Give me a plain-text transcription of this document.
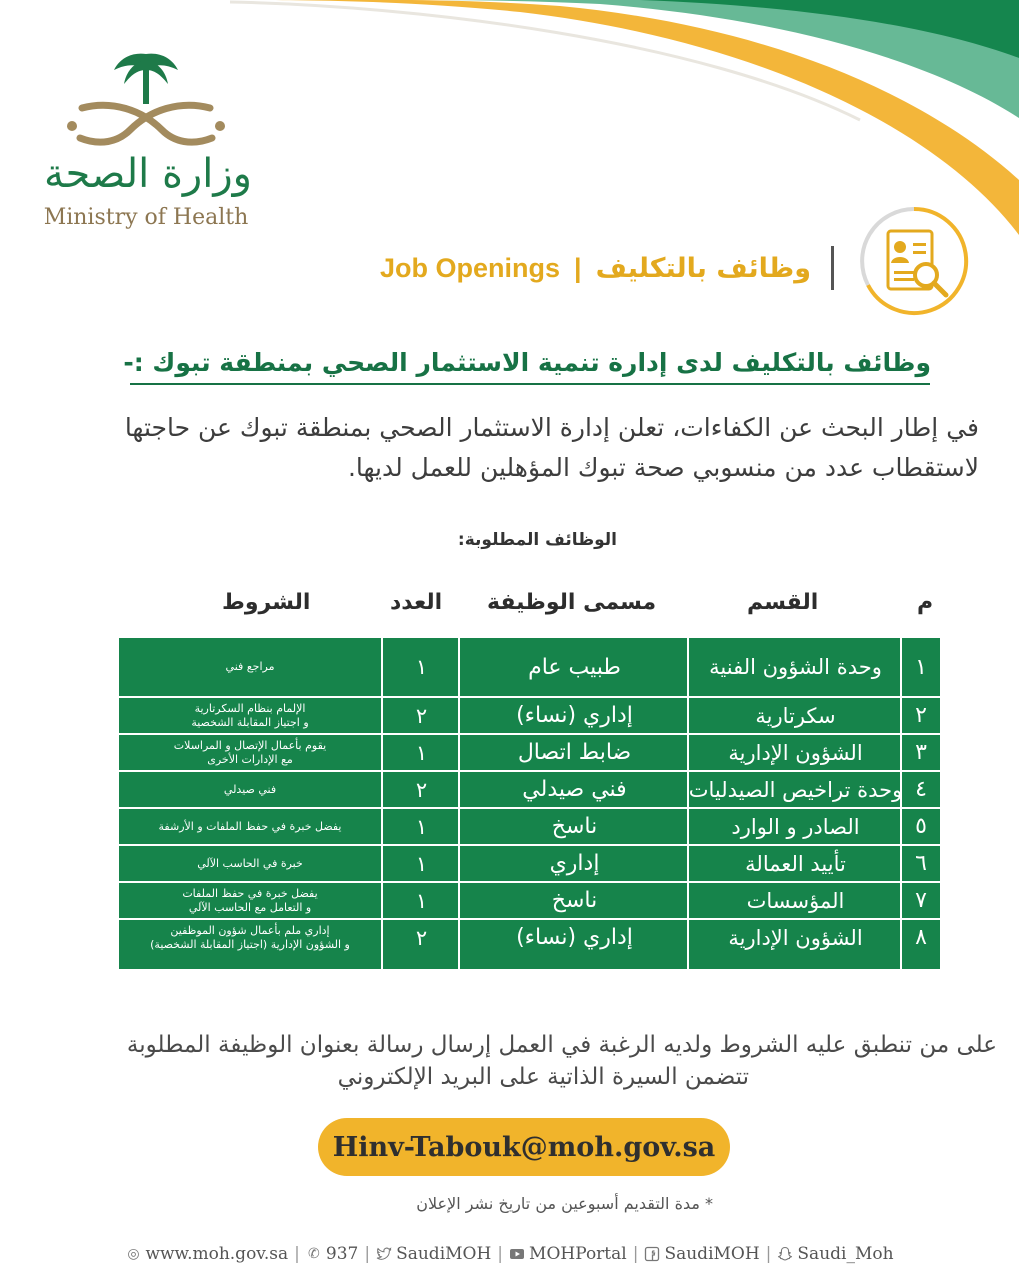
وزارة الصحة
Ministry of Health
Job Openings | وظائف بالتكليف
وظائف بالتكليف لدى إدارة تنمية الاستثمار الصحي بمنطقة تبوك :-
في إطار البحث عن الكفاءات، تعلن إدارة الاستثمار الصحي بمنطقة تبوك عن حاجتها لاستقطاب عدد من منسوبي صحة تبوك المؤهلين للعمل لديها.
الوظائف المطلوبة:
م
القسم
مسمى الوظيفة
العدد
الشروط
١
وحدة الشؤون الفنية
طبيب عام
١
مراجع فني
٢
سكرتارية
إداري (نساء)
٢
الإلمام بنظام السكرتارية
و اجتياز المقابلة الشخصية
٣
الشؤون الإدارية
ضابط اتصال
١
يقوم بأعمال الإتصال و المراسلات
مع الإدارات الأخرى
٤
وحدة تراخيص الصيدليات
فني صيدلي
٢
فني صيدلي
٥
الصادر و الوارد
ناسخ
١
يفضل خبرة في حفظ الملفات و الأرشفة
٦
تأييد العمالة
إداري
١
خبرة في الحاسب الآلي
٧
المؤسسات
ناسخ
١
يفضل خبرة في حفظ الملفات
و التعامل مع الحاسب الآلي
٨
الشؤون الإدارية
إداري (نساء)
٢
إداري ملم بأعمال شؤون الموظفين
و الشؤون الإدارية (اجتياز المقابلة الشخصية)
على من تنطبق عليه الشروط ولديه الرغبة في العمل إرسال رسالة بعنوان الوظيفة المطلوبة
تتضمن السيرة الذاتية على البريد الإلكتروني
Hinv-Tabouk@moh.gov.sa
* مدة التقديم أسبوعين من تاريخ نشر الإعلان
◎ www.moh.gov.sa | ✆ 937 | SaudiMOH | MOHPortal | SaudiMOH | Saudi_Moh
